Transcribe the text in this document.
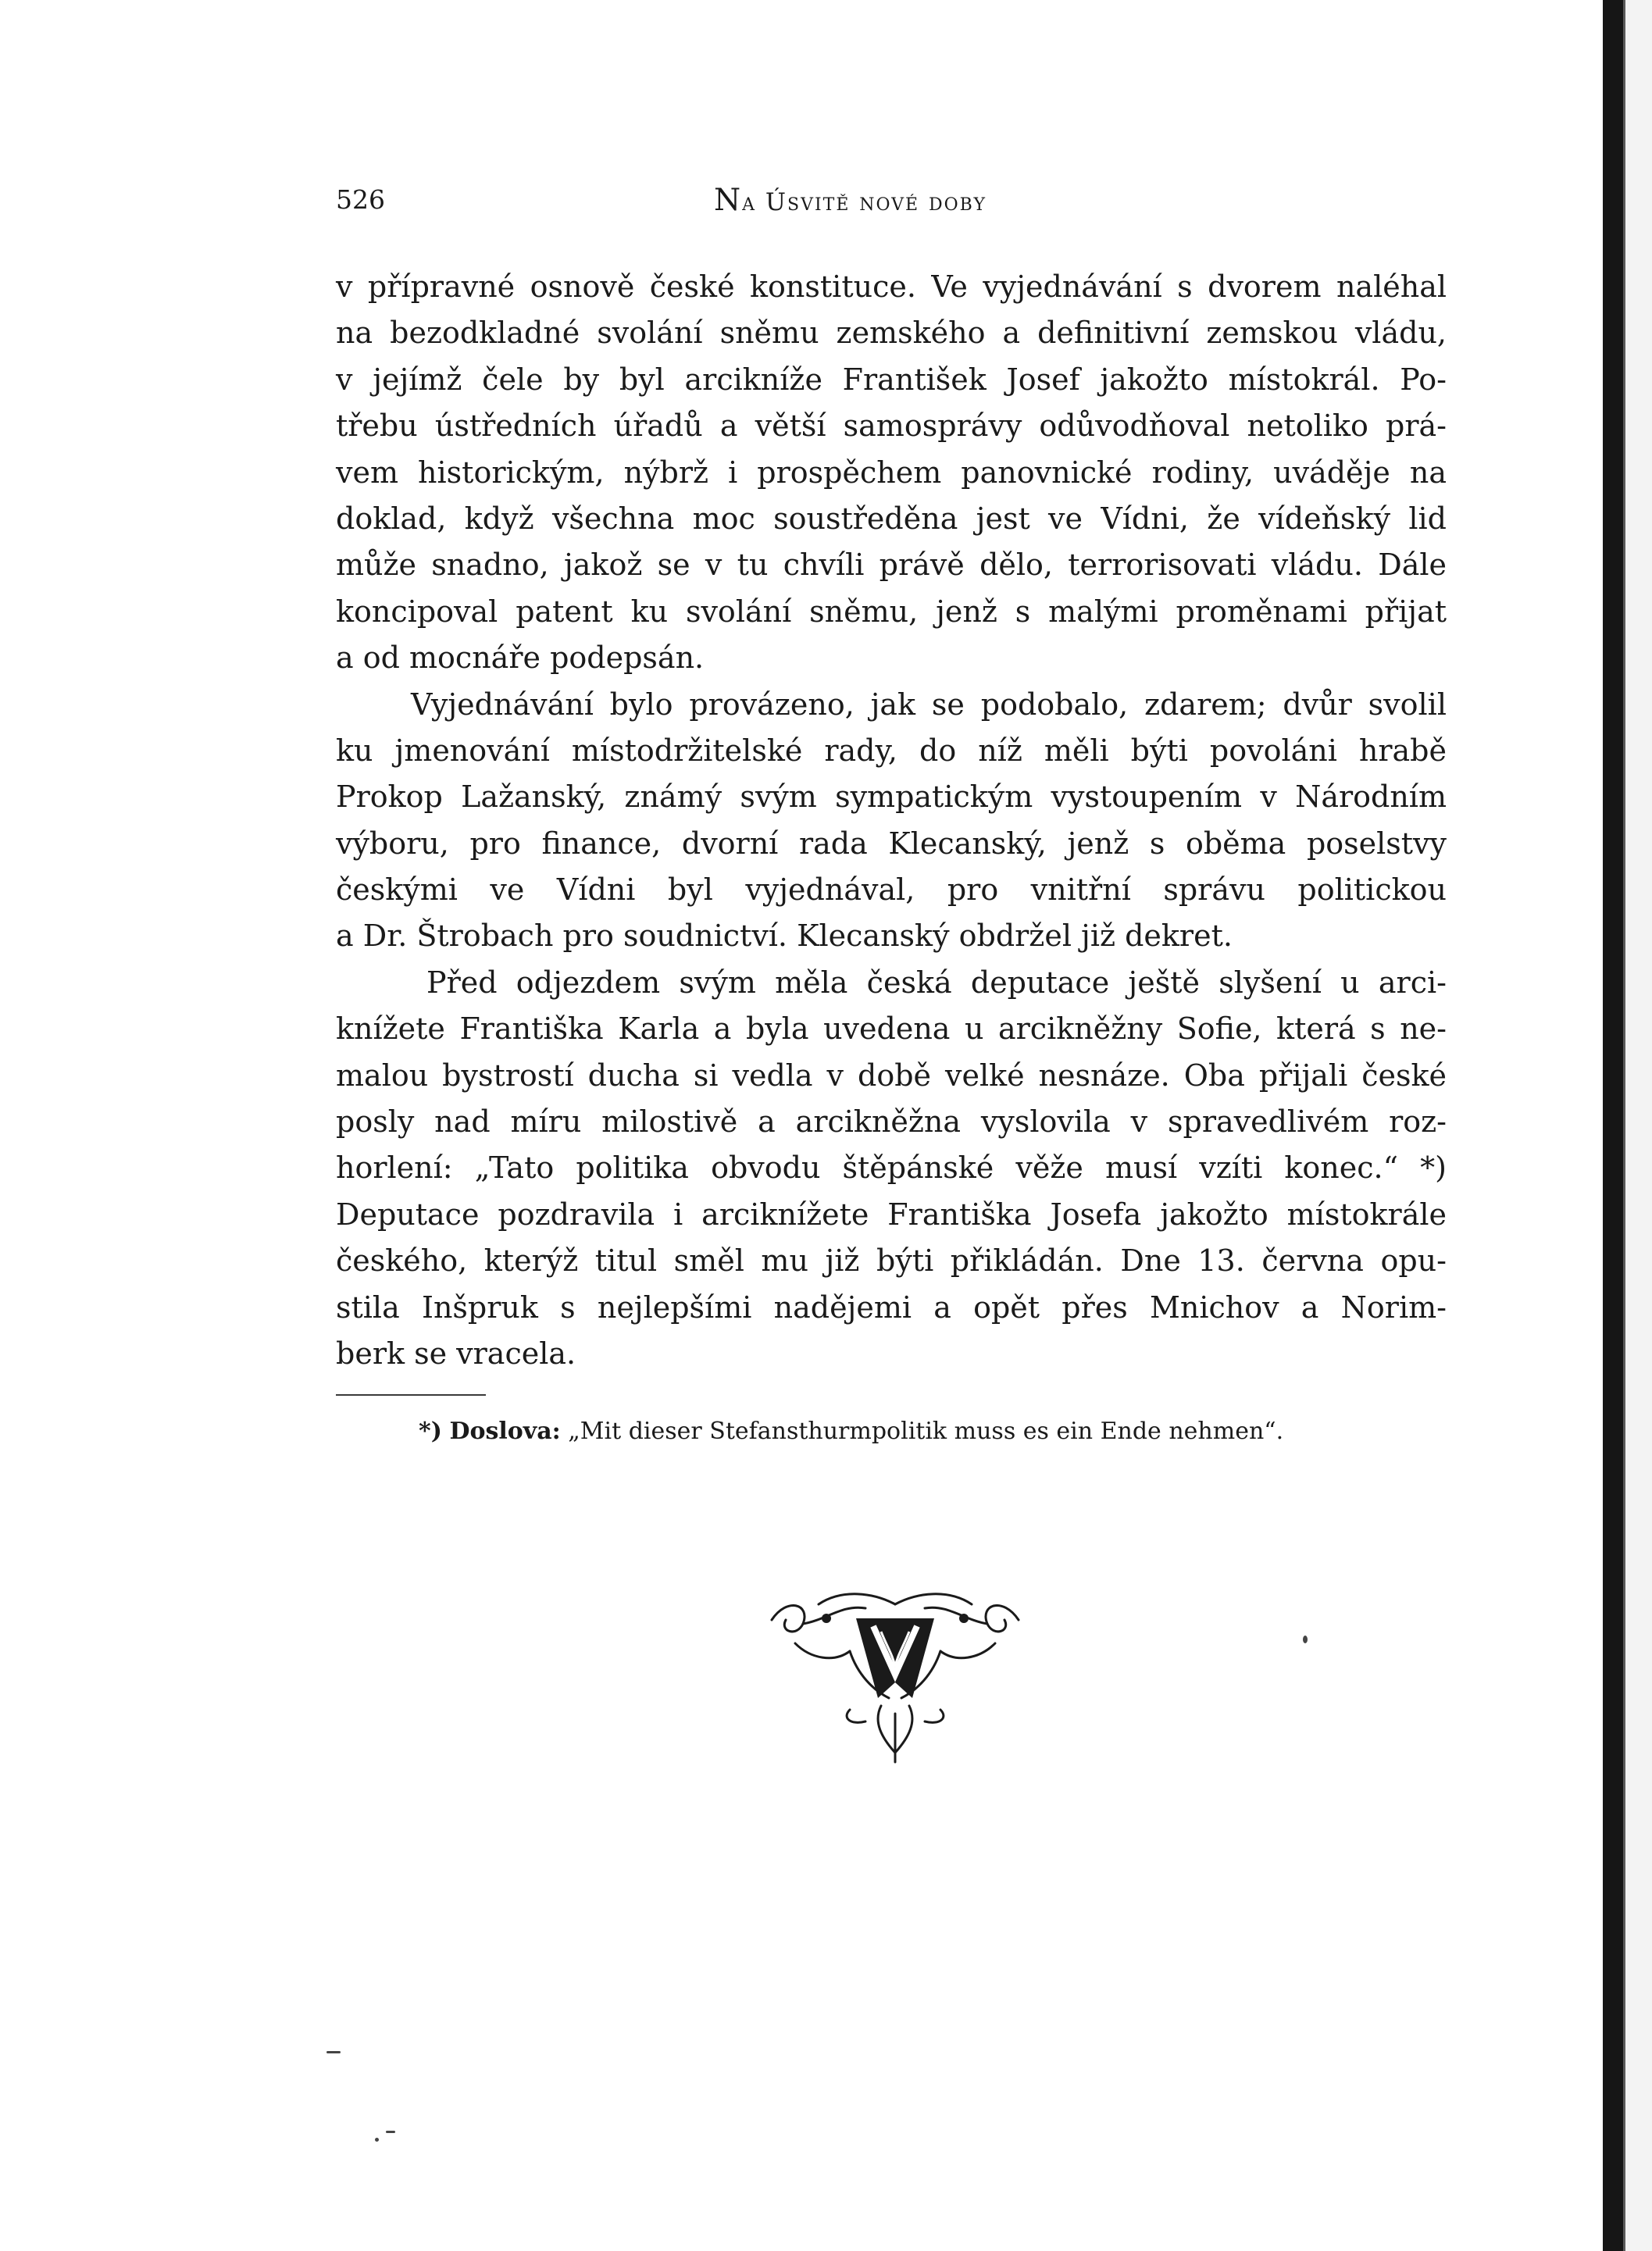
526	Na Úsvitě nové doby
v přípravné osnově české konstituce. Ve vyjednávání s dvorem naléhal
na bezodkladné svolání sněmu zemského a definitivní zemskou vládu,
v jejímž čele by byl arcikníže František Josef jakožto místokrál. Po-
třebu ústředních úřadů a větší samosprávy odůvodňoval netoliko prá-
vem historickým, nýbrž i prospěchem panovnické rodiny, uváděje na
doklad, když všechna moc soustředěna jest ve Vídni, že vídeňský lid
může snadno, jakož se v tu chvíli právě dělo, terrorisovati vládu. Dále
koncipoval patent ku svolání sněmu, jenž s malými proměnami přijat
a od mocnáře podepsán.
Vyjednávání bylo provázeno, jak se podobalo, zdarem; dvůr svolil
ku jmenování místodržitelské rady, do níž měli býti povoláni hrabě
Prokop Lažanský, známý svým sympatickým vystoupením v Národním
výboru, pro finance, dvorní rada Klecanský, jenž s oběma poselstvy
českými ve Vídni byl vyjednával, pro vnitřní správu politickou
a Dr. Štrobach pro soudnictví. Klecanský obdržel již dekret.
Před odjezdem svým měla česká deputace ještě slyšení u arci-
knížete Františka Karla a byla uvedena u arcikněžny Sofie, která s ne-
malou bystrostí ducha si vedla v době velké nesnáze. Oba přijali české
posly nad míru milostivě a arcikněžna vyslovila v spravedlivém roz-
horlení: „Tato politika obvodu štěpánské věže musí vzíti konec.“ *)
Deputace pozdravila i arciknížete Františka Josefa jakožto místokrále
českého, kterýž titul směl mu již býti přikládán. Dne 13. června opu-
stila Inšpruk s nejlepšími nadějemi a opět přes Mnichov a Norim-
berk se vracela.
*) Doslova: „Mit dieser Stefansthurmpolitik muss es ein Ende nehmen“.
